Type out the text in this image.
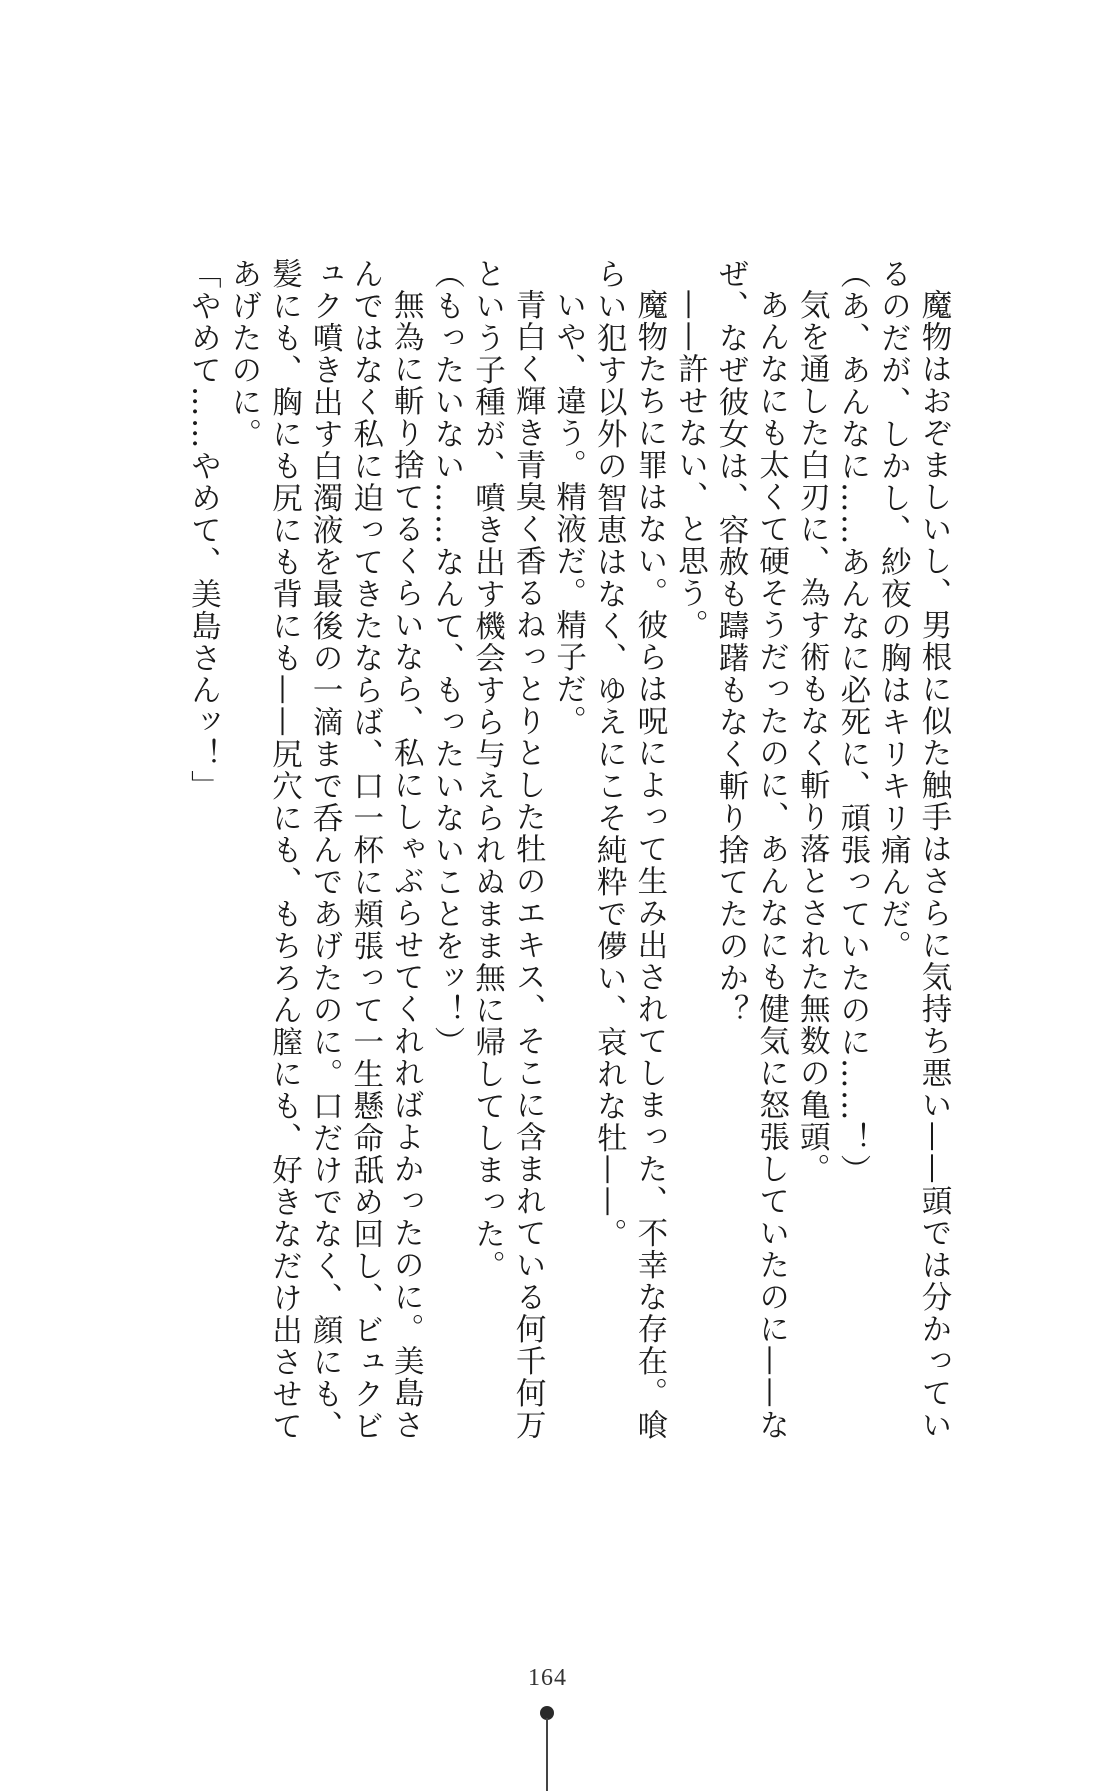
魔物はおぞましいし、男根に似た触手はさらに気持ち悪い——頭では分かっているのだが、しかし、紗夜の胸はキリキリ痛んだ。

（あ、あんなに……あんなに必死に、頑張っていたのに……！）

気を通した白刃に、為す術もなく斬り落とされた無数の亀頭。

あんなにも太くて硬そうだったのに、あんなにも健気に怒張していたのに——なぜ、なぜ彼女は、容赦も躊躇もなく斬り捨てたのか？

——許せない、と思う。

魔物たちに罪はない。彼らは呪によって生み出されてしまった、不幸な存在。喰らい犯す以外の智恵はなく、ゆえにこそ純粋で儚い、哀れな牡——。

いや、違う。精液だ。精子だ。

青白く輝き青臭く香るねっとりとした牡のエキス、そこに含まれている何千何万という子種が、噴き出す機会すら与えられぬまま無に帰してしまった。

（もったいない……なんて、もったいないことをッ！）

無為に斬り捨てるくらいなら、私にしゃぶらせてくれればよかったのに。美島さんではなく私に迫ってきたならば、口一杯に頬張って一生懸命舐め回し、ビュクビュク噴き出す白濁液を最後の一滴まで呑んであげたのに。口だけでなく、顔にも、髪にも、胸にも尻にも背にも——尻穴にも、もちろん膣にも、好きなだけ出させてあげたのに。

「やめて……やめて、美島さんッ！」

164
